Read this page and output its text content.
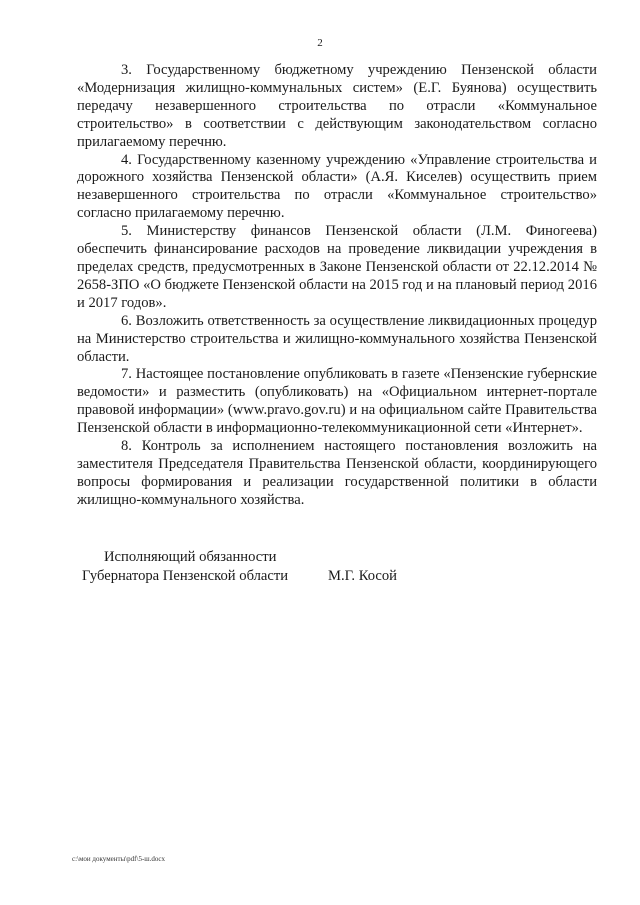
2

3. Государственному бюджетному учреждению Пензенской области «Модернизация жилищно-коммунальных систем» (Е.Г. Буянова) осуществить передачу незавершенного строительства по отрасли «Коммунальное строительство» в соответствии с действующим законодательством согласно прилагаемому перечню.

4. Государственному казенному учреждению «Управление строительства и дорожного хозяйства Пензенской области» (А.Я. Киселев) осуществить прием незавершенного строительства по отрасли «Коммунальное строительство» согласно прилагаемому перечню.

5. Министерству финансов Пензенской области (Л.М. Финогеева) обеспечить финансирование расходов на проведение ликвидации учреждения в пределах средств, предусмотренных в Законе Пензенской области от 22.12.2014 № 2658-ЗПО «О бюджете Пензенской области на 2015 год и на плановый период 2016 и 2017 годов».

6. Возложить ответственность за осуществление ликвидационных процедур на Министерство строительства и жилищно-коммунального хозяйства Пензенской области.

7. Настоящее постановление опубликовать в газете «Пензенские губернские ведомости» и разместить (опубликовать) на «Официальном интернет-портале правовой информации» (www.pravo.gov.ru) и на официальном сайте Правительства Пензенской области в информационно-телекоммуникационной сети «Интернет».

8. Контроль за исполнением настоящего постановления возложить на заместителя Председателя Правительства Пензенской области, координирующего вопросы формирования и реализации государственной политики в области жилищно-коммунального хозяйства.

Исполняющий обязанности
Губернатора Пензенской области	М.Г. Косой
c:\мои документы\pdf\5-ш.docx
